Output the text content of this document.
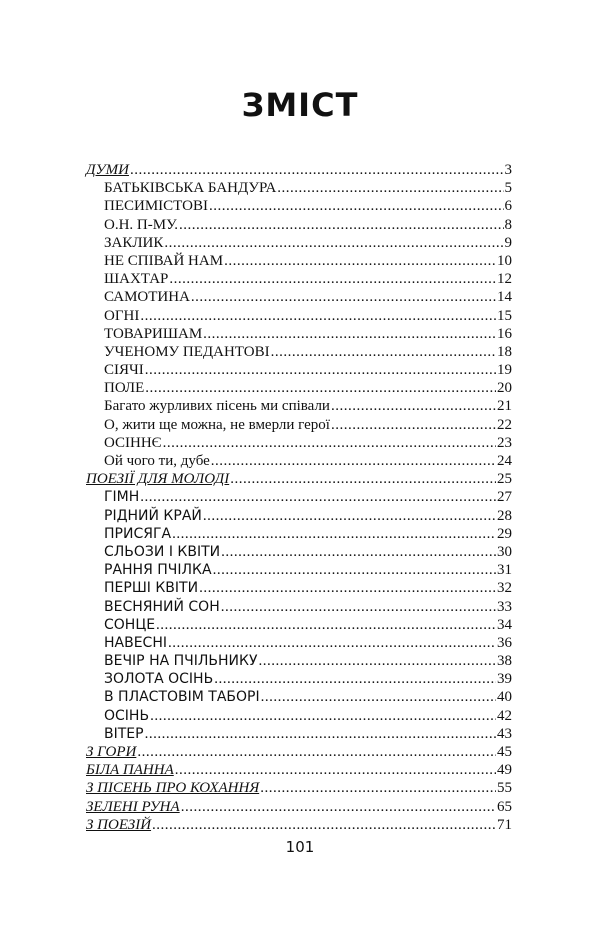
ЗМІСТ
ДУМИ .....	3
БАТЬКІВСЬКА БАНДУРА .....	5
ПЕСИМІСТОВІ .....	6
О.Н. П-МУ. .....	8
ЗАКЛИК .....	9
НЕ СПІВАЙ НАМ .....	10
ШАХТАР .....	12
САМОТИНА .....	14
ОГНІ .....	15
ТОВАРИШАМ .....	16
УЧЕНОМУ ПЕДАНТОВІ .....	18
СІЯЧІ .....	19
ПОЛЕ .....	20
Багато журливих пісень ми співали .....	21
О, жити ще можна, не вмерли герої .....	22
ОСІННЄ .....	23
Ой чого ти, дубе .....	24
ПОЕЗІЇ ДЛЯ МОЛОДІ .....	25
ГІМН .....	27
РІДНИЙ КРАЙ .....	28
ПРИСЯГА .....	29
СЛЬОЗИ І КВІТИ .....	30
РАННЯ ПЧІЛКА .....	31
ПЕРШІ КВІТИ .....	32
ВЕСНЯНИЙ СОН .....	33
СОНЦЕ .....	34
НАВЕСНІ .....	36
ВЕЧІР НА ПЧІЛЬНИКУ .....	38
ЗОЛОТА ОСІНЬ .....	39
В ПЛАСТОВІМ ТАБОРІ .....	40
ОСІНЬ .....	42
ВІТЕР .....	43
З ГОРИ .....	45
БІЛА ПАННА .....	49
З ПІСЕНЬ ПРО КОХАННЯ .....	55
ЗЕЛЕНІ РУНА .....	65
З ПОЕЗІЙ .....	71
101
